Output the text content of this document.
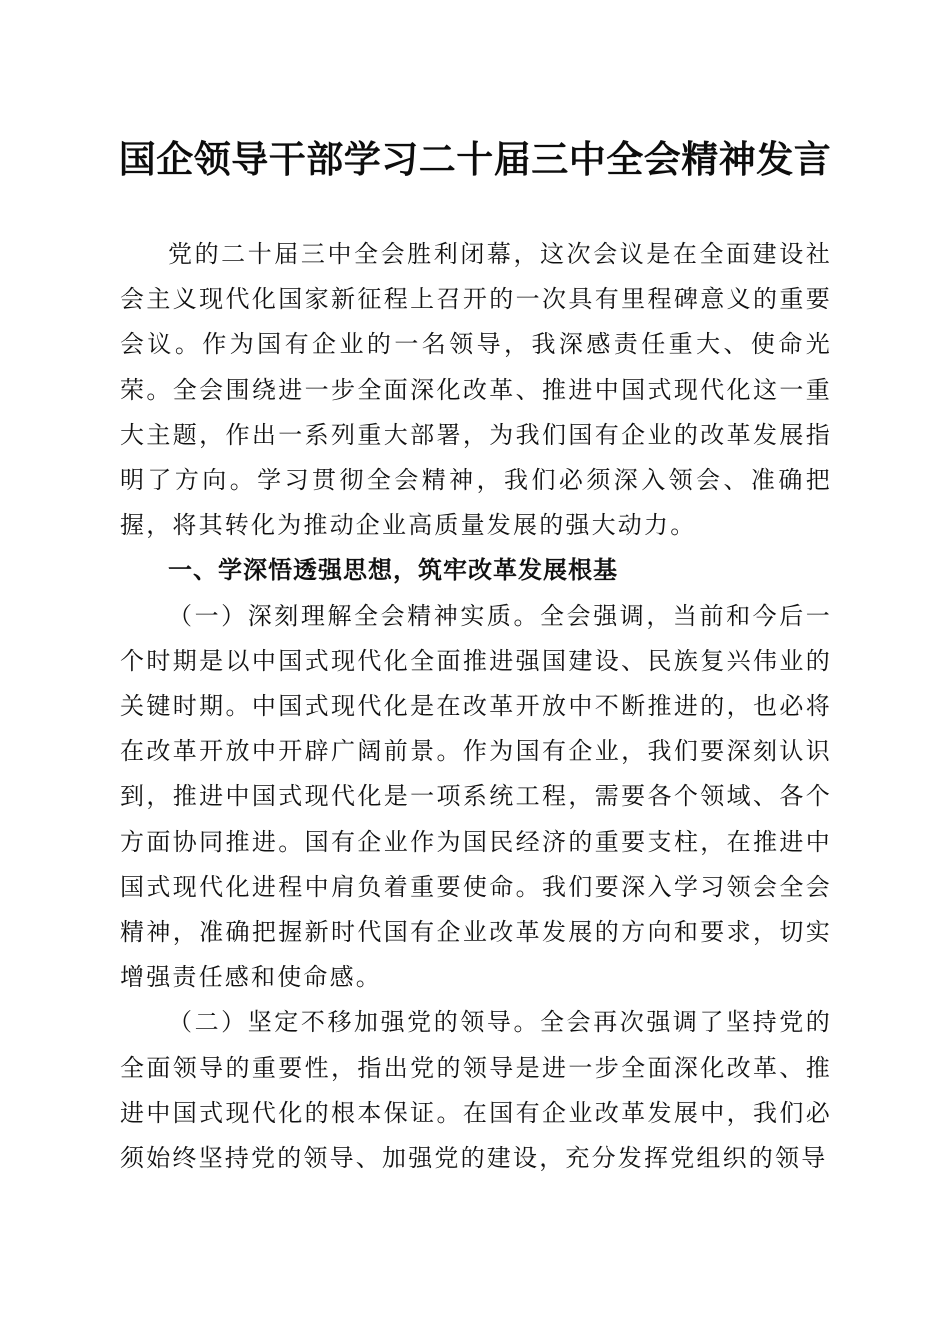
国企领导干部学习二十届三中全会精神发言

党的二十届三中全会胜利闭幕，这次会议是在全面建设社会主义现代化国家新征程上召开的一次具有里程碑意义的重要会议。作为国有企业的一名领导，我深感责任重大、使命光荣。全会围绕进一步全面深化改革、推进中国式现代化这一重大主题，作出一系列重大部署，为我们国有企业的改革发展指明了方向。学习贯彻全会精神，我们必须深入领会、准确把握，将其转化为推动企业高质量发展的强大动力。

一、学深悟透强思想，筑牢改革发展根基

（一）深刻理解全会精神实质。全会强调，当前和今后一个时期是以中国式现代化全面推进强国建设、民族复兴伟业的关键时期。中国式现代化是在改革开放中不断推进的，也必将在改革开放中开辟广阔前景。作为国有企业，我们要深刻认识到，推进中国式现代化是一项系统工程，需要各个领域、各个方面协同推进。国有企业作为国民经济的重要支柱，在推进中国式现代化进程中肩负着重要使命。我们要深入学习领会全会精神，准确把握新时代国有企业改革发展的方向和要求，切实增强责任感和使命感。

（二）坚定不移加强党的领导。全会再次强调了坚持党的全面领导的重要性，指出党的领导是进一步全面深化改革、推进中国式现代化的根本保证。在国有企业改革发展中，我们必须始终坚持党的领导、加强党的建设，充分发挥党组织的领导
